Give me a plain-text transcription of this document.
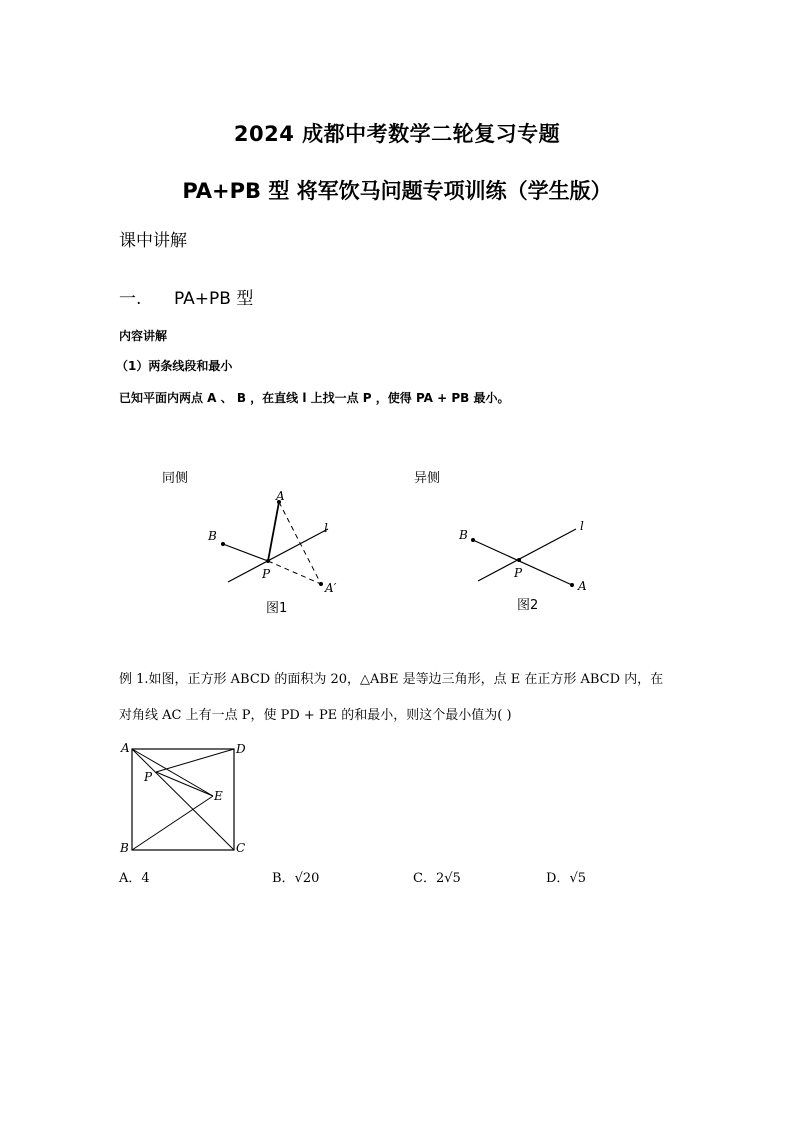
2024 成都中考数学二轮复习专题
PA+PB 型 将军饮马问题专项训练（学生版）
课中讲解
一. PA+PB 型
内容讲解
（1）两条线段和最小
已知平面内两点 A 、 B ，在直线 l 上找一点 P ，使得 PA + PB 最小。
同侧	异侧
A
B
P
l
A′
图1
B
l
P
A
图2
例 1.如图，正方形 ABCD 的面积为 20，△ABE 是等边三角形，点 E 在正方形 ABCD 内，在
对角线 AC 上有一点 P，使 PD + PE 的和最小，则这个最小值为( )
A	D
P
E
B	C
A．4	B．√20	C．2√5	D．√5
